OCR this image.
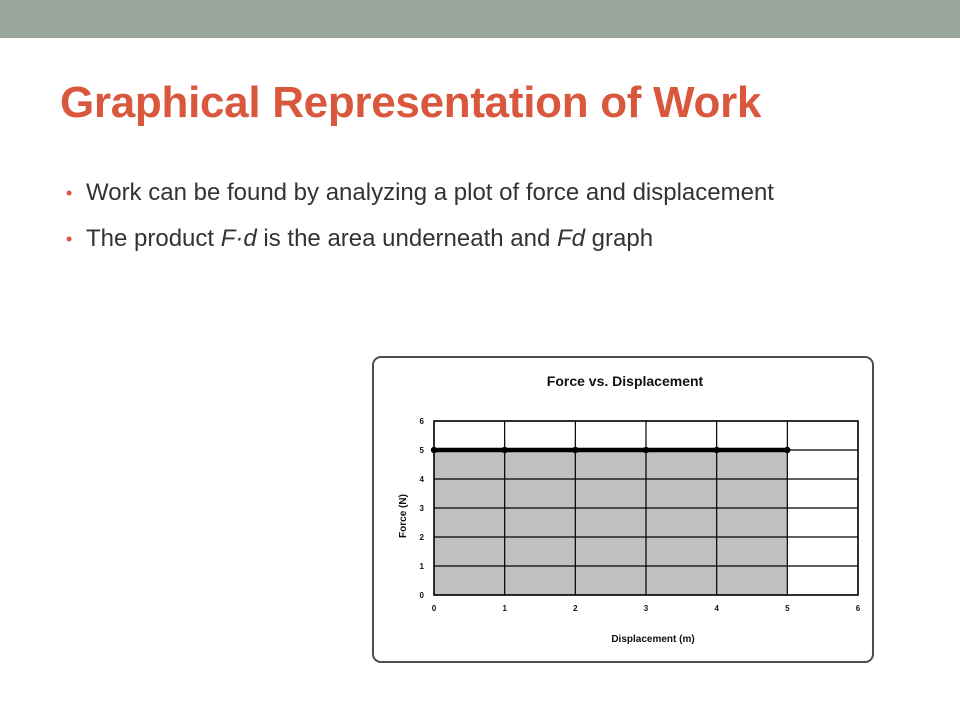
Graphical Representation of Work
• Work can be found by analyzing a plot of force and displacement
• The product F·d is the area underneath and Fd graph
0	1	2	3	4	5	6
0
1
2
3
4
5
6
Force vs. Displacement
Displacement (m)
Force (N)
